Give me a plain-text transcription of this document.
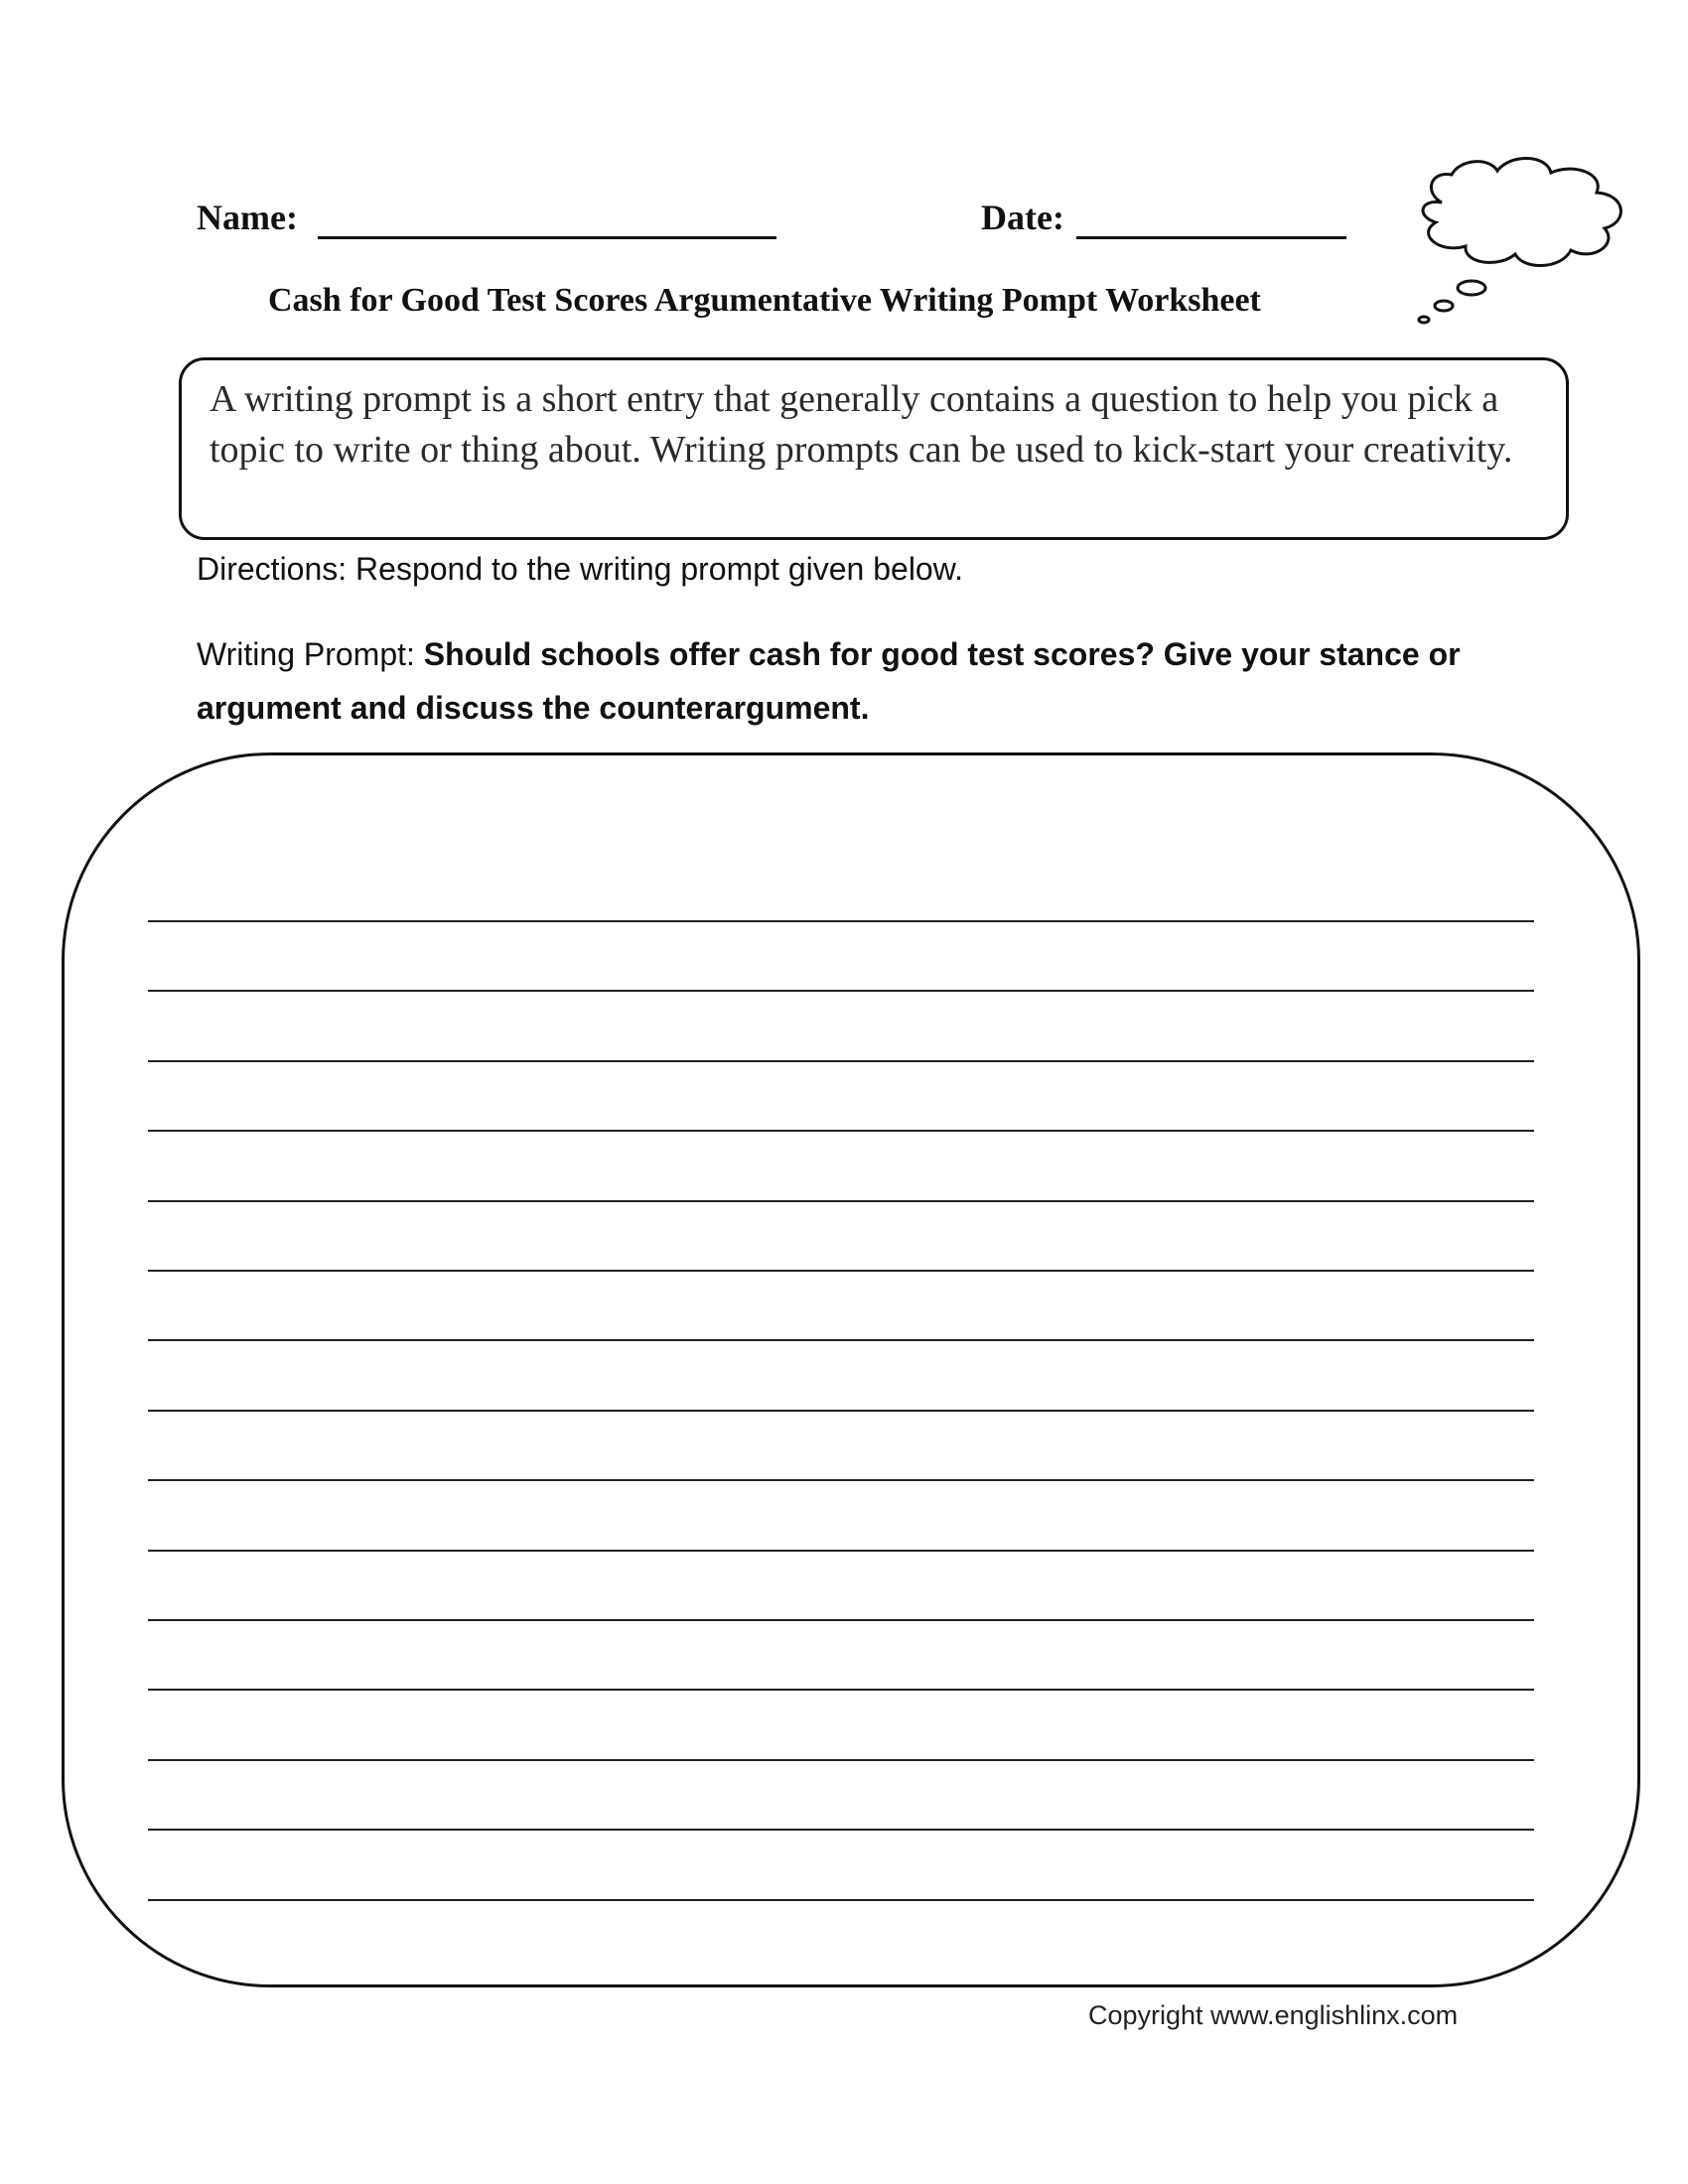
Name:	Date:
Cash for Good Test Scores Argumentative Writing Pompt Worksheet
A writing prompt is a short entry that generally contains a question to help you pick a topic to write or thing about. Writing prompts can be used to kick-start your creativity.
Directions: Respond to the writing prompt given below.
Writing Prompt: Should schools offer cash for good test scores? Give your stance or argument and discuss the counterargument.
Copyright www.englishlinx.com
